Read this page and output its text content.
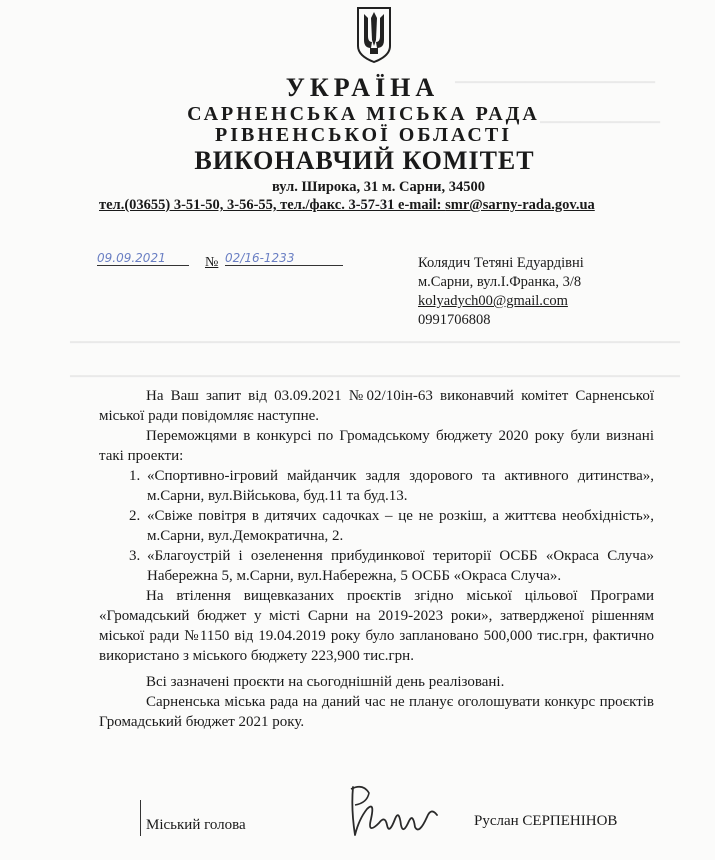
▁▁▁▁▁▁▁▁▁▁▁▁▁▁▁▁▁▁▁▁
▁▁▁▁▁▁▁▁▁▁▁▁
▁▁▁▁▁▁▁▁▁▁▁▁▁▁▁▁▁▁▁▁▁▁▁▁▁▁▁▁▁▁▁▁▁▁▁▁▁▁▁▁▁▁▁▁▁▁▁▁▁▁▁▁▁▁▁▁▁▁▁▁▁
▁▁▁▁▁▁▁▁▁▁▁▁▁▁▁▁▁▁▁▁▁▁▁▁▁▁▁▁▁▁▁▁▁▁▁▁▁▁▁▁▁▁▁▁▁▁▁▁▁▁▁▁▁▁▁▁▁▁▁▁▁
УКРАЇНА
САРНЕНСЬКА МІСЬКА РАДА
РІВНЕНСЬКОЇ ОБЛАСТІ
ВИКОНАВЧИЙ КОМІТЕТ
вул. Широка, 31 м. Сарни, 34500
тел.(03655) 3-51-50, 3-56-55, тел./факс. 3-57-31 e-mail: smr@sarny-rada.gov.ua
09.09.2021	№ 02/16-1233	Колядич Тетяні Едуардівні
м.Сарни, вул.І.Франка, 3/8
kolyadych00@gmail.com
0991706808

На Ваш запит від 03.09.2021 №02/10ін-63 виконавчий комітет Сарненської міської ради повідомляє наступне.

Переможцями в конкурсі по Громадському бюджету 2020 року були визнані такі проекти:

1. «Спортивно-ігровий майданчик задля здорового та активного дитинства», м.Сарни, вул.Військова, буд.11 та буд.13.
2. «Свіже повітря в дитячих садочках – це не розкіш, а життєва необхідність», м.Сарни, вул.Демократична, 2.
3. «Благоустрій і озеленення прибудинкової території ОСББ «Окраса Случа» Набережна 5, м.Сарни, вул.Набережна, 5 ОСББ «Окраса Случа».

На втілення вищевказаних проєктів згідно міської цільової Програми «Громадський бюджет у місті Сарни на 2019-2023 роки», затвердженої рішенням міської ради №1150 від 19.04.2019 року було заплановано 500,000 тис.грн, фактично використано з міського бюджету 223,900 тис.грн.

Всі зазначені проєкти на сьогоднішній день реалізовані.

Сарненська міська рада на даний час не планує оголошувати конкурс проєктів Громадський бюджет 2021 року.

Міський голова	Руслан СЕРПЕНІНОВ
